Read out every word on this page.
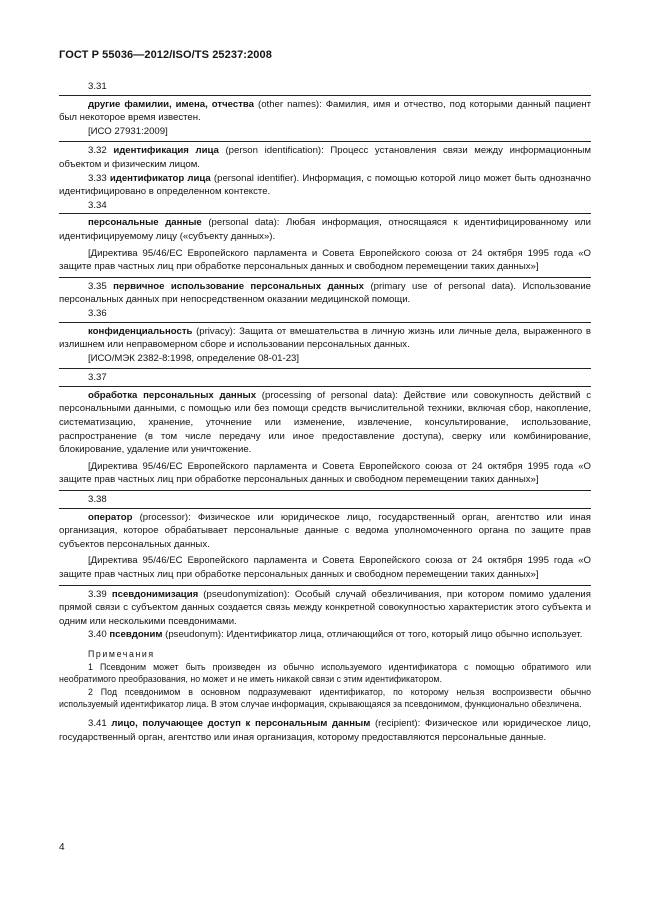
ГОСТ Р 55036—2012/ISO/TS 25237:2008

3.31

другие фамилии, имена, отчества (other names): Фамилия, имя и отчество, под которыми данный пациент был некоторое время известен.

[ИСО 27931:2009]

3.32 идентификация лица (person identification): Процесс установления связи между информационным объектом и физическим лицом.

3.33 идентификатор лица (personal identifier). Информация, с помощью которой лицо может быть однозначно идентифицировано в определенном контексте.

3.34

персональные данные (personal data): Любая информация, относящаяся к идентифицированному или идентифицируемому лицу («субъекту данных»).

[Директива 95/46/ЕС Европейского парламента и Совета Европейского союза от 24 октября 1995 года «О защите прав частных лиц при обработке персональных данных и свободном перемещении таких данных»]

3.35 первичное использование персональных данных (primary use of personal data). Использование персональных данных при непосредственном оказании медицинской помощи.

3.36

конфиденциальность (privacy): Защита от вмешательства в личную жизнь или личные дела, выраженного в излишнем или неправомерном сборе и использовании персональных данных.

[ИСО/МЭК 2382-8:1998, определение 08-01-23]

3.37

обработка персональных данных (processing of personal data): Действие или совокупность действий с персональными данными, с помощью или без помощи средств вычислительной техники, включая сбор, накопление, систематизацию, хранение, уточнение или изменение, извлечение, консультирование, использование, распространение (в том числе передачу или иное предоставление доступа), сверку или комбинирование, блокирование, удаление или уничтожение.

[Директива 95/46/ЕС Европейского парламента и Совета Европейского союза от 24 октября 1995 года «О защите прав частных лиц при обработке персональных данных и свободном перемещении таких данных»]

3.38

оператор (processor): Физическое или юридическое лицо, государственный орган, агентство или иная организация, которое обрабатывает персональные данные с ведома уполномоченного органа по защите прав субъектов персональных данных.

[Директива 95/46/ЕС Европейского парламента и Совета Европейского союза от 24 октября 1995 года «О защите прав частных лиц при обработке персональных данных и свободном перемещении таких данных»]

3.39 псевдонимизация (pseudonymization): Особый случай обезличивания, при котором помимо удаления прямой связи с субъектом данных создается связь между конкретной совокупностью характеристик этого субъекта и одним или несколькими псевдонимами.

3.40 псевдоним (pseudonym): Идентификатор лица, отличающийся от того, который лицо обычно использует.

Примечания

1 Псевдоним может быть произведен из обычно используемого идентификатора с помощью обратимого или необратимого преобразования, но может и не иметь никакой связи с этим идентификатором.

2 Под псевдонимом в основном подразумевают идентификатор, по которому нельзя воспроизвести обычно используемый идентификатор лица. В этом случае информация, скрывающаяся за псевдонимом, функционально обезличена.

3.41 лицо, получающее доступ к персональным данным (recipient): Физическое или юридическое лицо, государственный орган, агентство или иная организация, которому предоставляются персональные данные.

4
